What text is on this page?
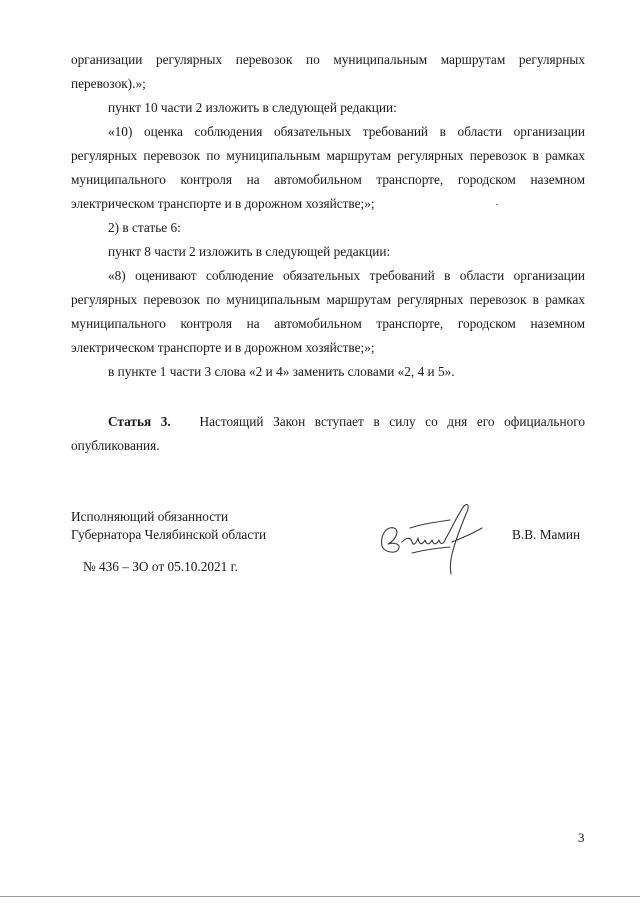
организации регулярных перевозок по муниципальным маршрутам регулярных перевозок).»;

пункт 10 части 2 изложить в следующей редакции:

«10) оценка соблюдения обязательных требований в области организации регулярных перевозок по муниципальным маршрутам регулярных перевозок в рамках муниципального контроля на автомобильном транспорте, городском наземном электрическом транспорте и в дорожном хозяйстве;»;

2) в статье 6:

пункт 8 части 2 изложить в следующей редакции:

«8) оценивают соблюдение обязательных требований в области организации регулярных перевозок по муниципальным маршрутам регулярных перевозок в рамках муниципального контроля на автомобильном транспорте, городском наземном электрическом транспорте и в дорожном хозяйстве;»;

в пункте 1 части 3 слова «2 и 4» заменить словами «2, 4 и 5».

Статья 3. Настоящий Закон вступает в силу со дня его официального опубликования.

Исполняющий обязанности

Губернатора Челябинской области

№ 436 – ЗО от 05.10.2021 г.
В.В. Мамин
3
